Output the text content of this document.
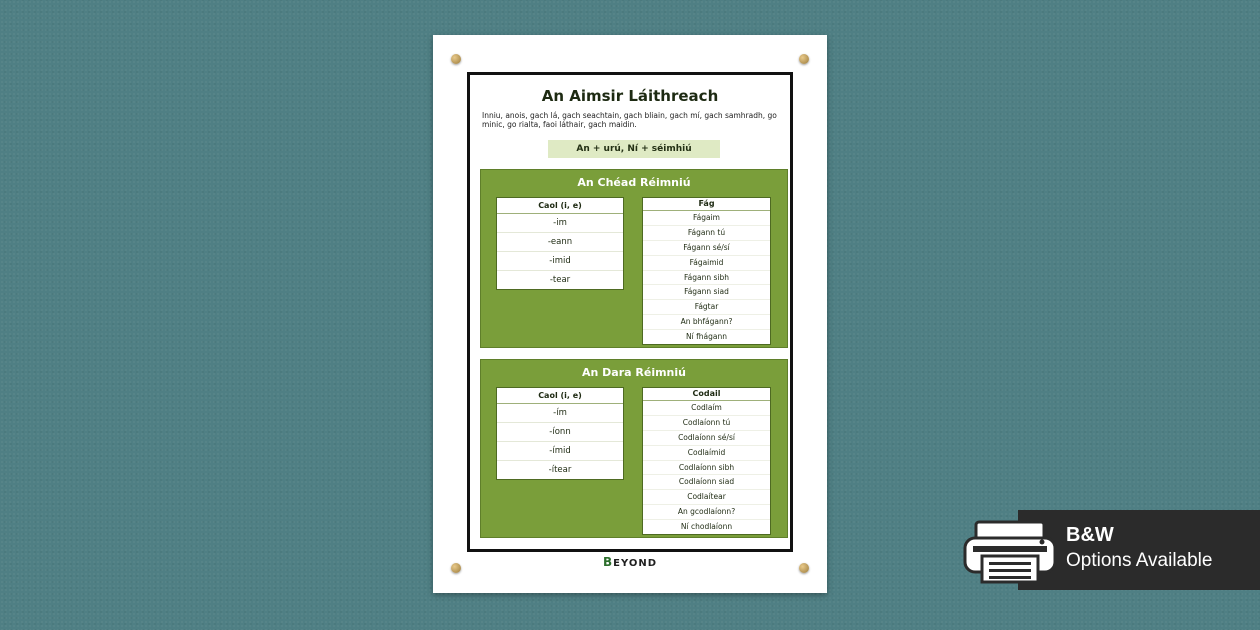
An Aimsir Láithreach
Inniu, anois, gach lá, gach seachtain, gach bliain, gach mí, gach samhradh, go minic, go rialta, faoi láthair, gach maidin.
An + urú, Ní + séimhiú
An Chéad Réimniú
Caol (i, e)
-im
-eann
-imid
-tear
Fág
Fágaim
Fágann tú
Fágann sé/sí
Fágaimid
Fágann sibh
Fágann siad
Fágtar
An bhfágann?
Ní fhágann
An Dara Réimniú
Caol (i, e)
-ím
-íonn
-ímid
-ítear
Codail
Codlaím
Codlaíonn tú
Codlaíonn sé/sí
Codlaímid
Codlaíonn sibh
Codlaíonn siad
Codlaítear
An gcodlaíonn?
Ní chodlaíonn
BEYOND
B&W
Options Available
